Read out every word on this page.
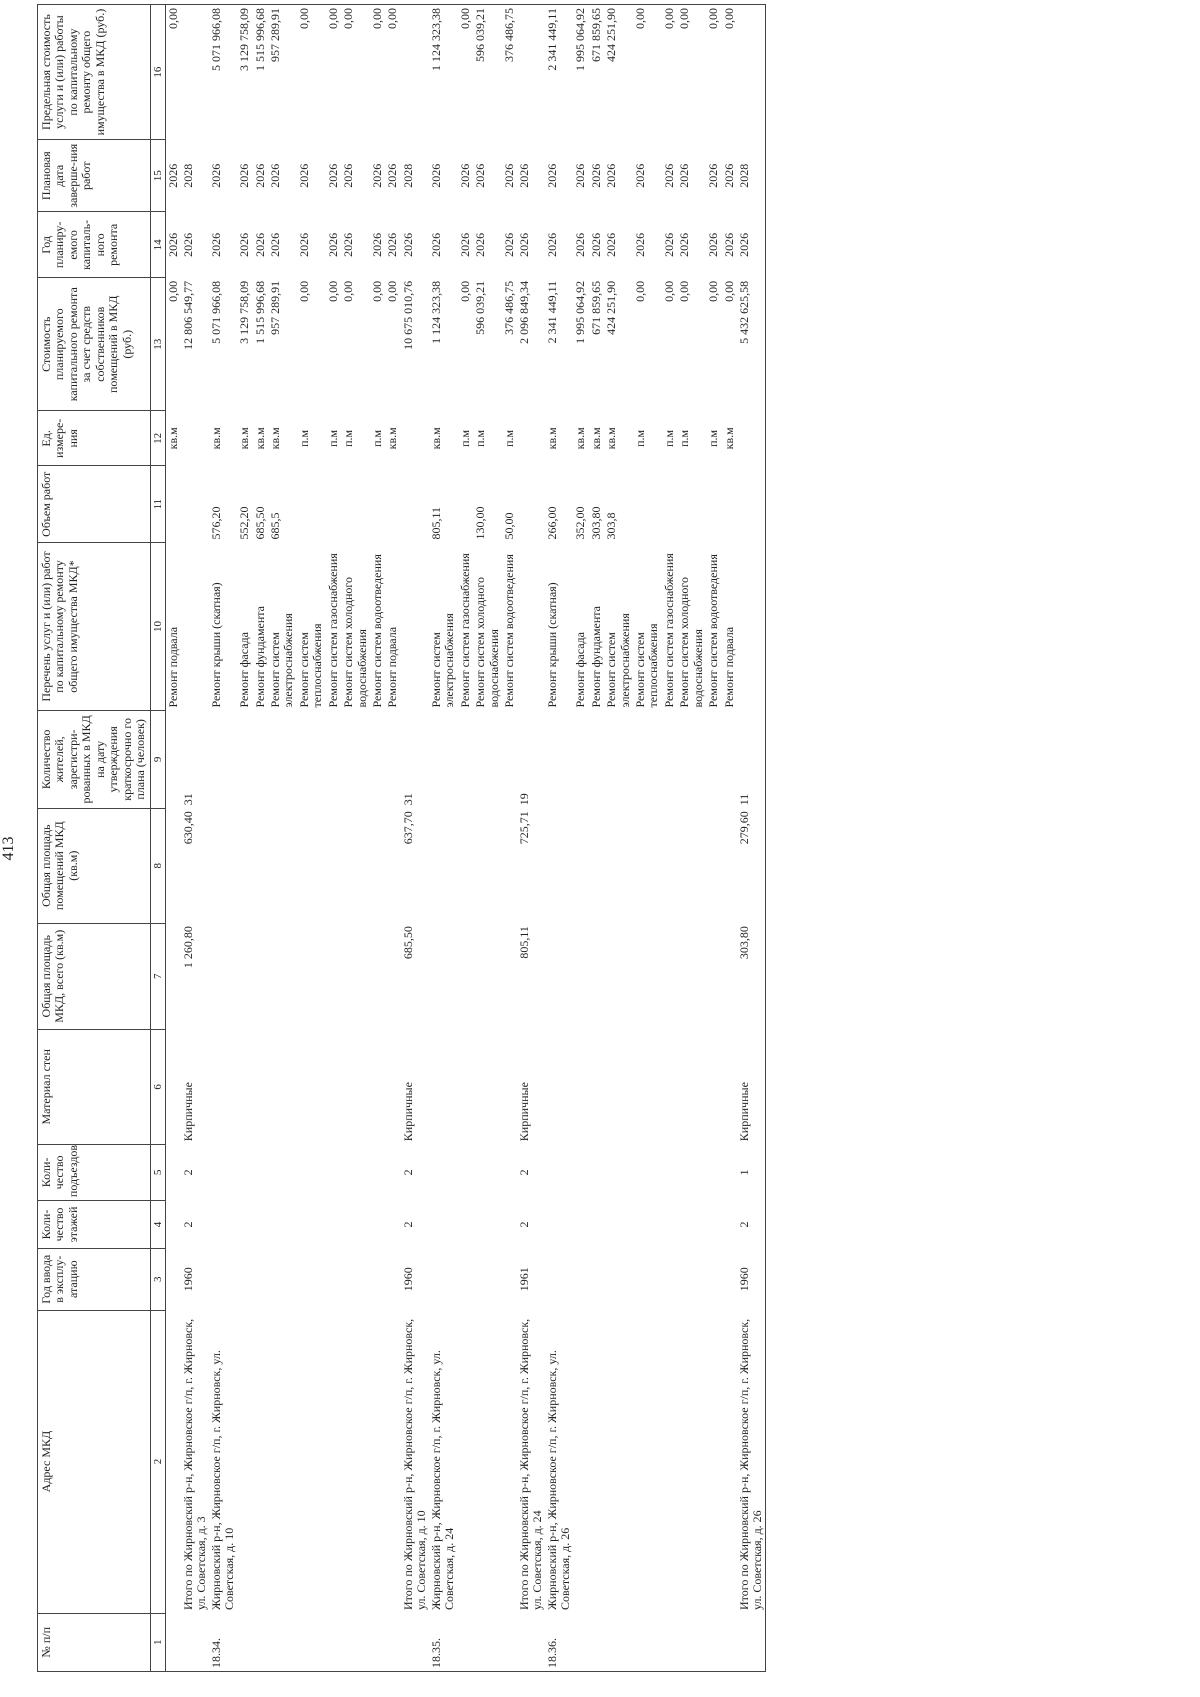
413
№ п/п	Адрес МКД	Год ввода в эксплу-атацию	Коли-чество этажей	Коли-чество подъездов	Материал стен	Общая площадь МКД, всего (кв.м)	Общая площадь помещений МКД (кв.м)	Количество жителей, зарегистри-рованных в МКД на дату утверждения краткосрочно го плана (человек)	Перечень услуг и (или) работ по капитальному ремонту общего имущества МКД*	Объем работ	Ед. измере-ния	Стоимость планируемого капитального ремонта за счет средств собственников помещений в МКД (руб.)	Год планиру-емого капиталь-ного ремонта	Плановая дата заверше-ния работ	Предельная стоимость услуги и (или) работы по капитальному ремонту общего имущества в МКД (руб.)
1	2	3	4	5	6	7	8	9	10	11	12	13	14	15	16
									Ремонт подвала		кв.м	0,00	2026	2026	0,00
	Итого по Жирновский р-н, Жирновское г/п, г. Жирновск, ул. Советская, д. 3	1960	2	2	Кирпичные	1 260,80	630,40	31				12 806 549,77	2026	2028	
18.34.	Жирновский р-н, Жирновское г/п, г. Жирновск, ул. Советская, д. 10								Ремонт крыши (скатная)	576,20	кв.м	5 071 966,08	2026	2026	5 071 966,08
									Ремонт фасада	552,20	кв.м	3 129 758,09	2026	2026	3 129 758,09
									Ремонт фундамента	685,50	кв.м	1 515 996,68	2026	2026	1 515 996,68
									Ремонт систем электроснабжения	685,5	кв.м	957 289,91	2026	2026	957 289,91
									Ремонт систем теплоснабжения		п.м	0,00	2026	2026	0,00
									Ремонт систем газоснабжения		п.м	0,00	2026	2026	0,00
									Ремонт систем холодного водоснабжения		п.м	0,00	2026	2026	0,00
									Ремонт систем водоотведения		п.м	0,00	2026	2026	0,00
									Ремонт подвала		кв.м	0,00	2026	2026	0,00
	Итого по Жирновский р-н, Жирновское г/п, г. Жирновск, ул. Советская, д. 10	1960	2	2	Кирпичные	685,50	637,70	31				10 675 010,76	2026	2028	
18.35.	Жирновский р-н, Жирновское г/п, г. Жирновск, ул. Советская, д. 24								Ремонт систем электроснабжения	805,11	кв.м	1 124 323,38	2026	2026	1 124 323,38
									Ремонт систем газоснабжения		п.м	0,00	2026	2026	0,00
									Ремонт систем холодного водоснабжения	130,00	п.м	596 039,21	2026	2026	596 039,21
									Ремонт систем водоотведения	50,00	п.м	376 486,75	2026	2026	376 486,75
	Итого по Жирновский р-н, Жирновское г/п, г. Жирновск, ул. Советская, д. 24	1961	2	2	Кирпичные	805,11	725,71	19				2 096 849,34	2026	2026	
18.36.	Жирновский р-н, Жирновское г/п, г. Жирновск, ул. Советская, д. 26								Ремонт крыши (скатная)	266,00	кв.м	2 341 449,11	2026	2026	2 341 449,11
									Ремонт фасада	352,00	кв.м	1 995 064,92	2026	2026	1 995 064,92
									Ремонт фундамента	303,80	кв.м	671 859,65	2026	2026	671 859,65
									Ремонт систем электроснабжения	303,8	кв.м	424 251,90	2026	2026	424 251,90
									Ремонт систем теплоснабжения		п.м	0,00	2026	2026	0,00
									Ремонт систем газоснабжения		п.м	0,00	2026	2026	0,00
									Ремонт систем холодного водоснабжения		п.м	0,00	2026	2026	0,00
									Ремонт систем водоотведения		п.м	0,00	2026	2026	0,00
									Ремонт подвала		кв.м	0,00	2026	2026	0,00
	Итого по Жирновский р-н, Жирновское г/п, г. Жирновск, ул. Советская, д. 26	1960	2	1	Кирпичные	303,80	279,60	11				5 432 625,58	2026	2028	
